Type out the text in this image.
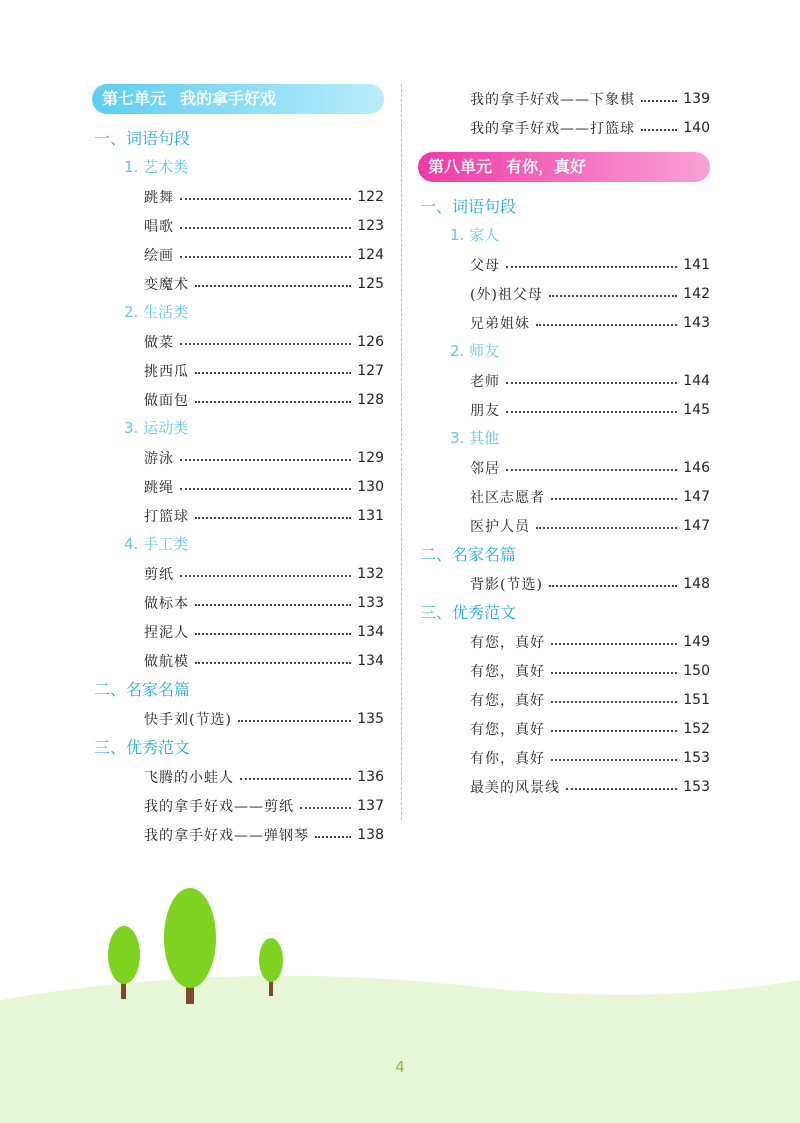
第七单元 我的拿手好戏
一、词语句段
1. 艺术类
跳舞	122
唱歌	123
绘画	124
变魔术	125
2. 生活类
做菜	126
挑西瓜	127
做面包	128
3. 运动类
游泳	129
跳绳	130
打篮球	131
4. 手工类
剪纸	132
做标本	133
捏泥人	134
做航模	134
二、名家名篇
快手刘(节选)	135
三、优秀范文
飞腾的小蛙人	136
我的拿手好戏——剪纸	137
我的拿手好戏——弹钢琴	138
我的拿手好戏——下象棋	139
我的拿手好戏——打篮球	140
第八单元 有你，真好
一、词语句段
1. 家人
父母	141
(外)祖父母	142
兄弟姐妹	143
2. 师友
老师	144
朋友	145
3. 其他
邻居	146
社区志愿者	147
医护人员	147
二、名家名篇
背影(节选)	148
三、优秀范文
有您，真好	149
有您，真好	150
有您，真好	151
有您，真好	152
有你，真好	153
最美的风景线	153
4
